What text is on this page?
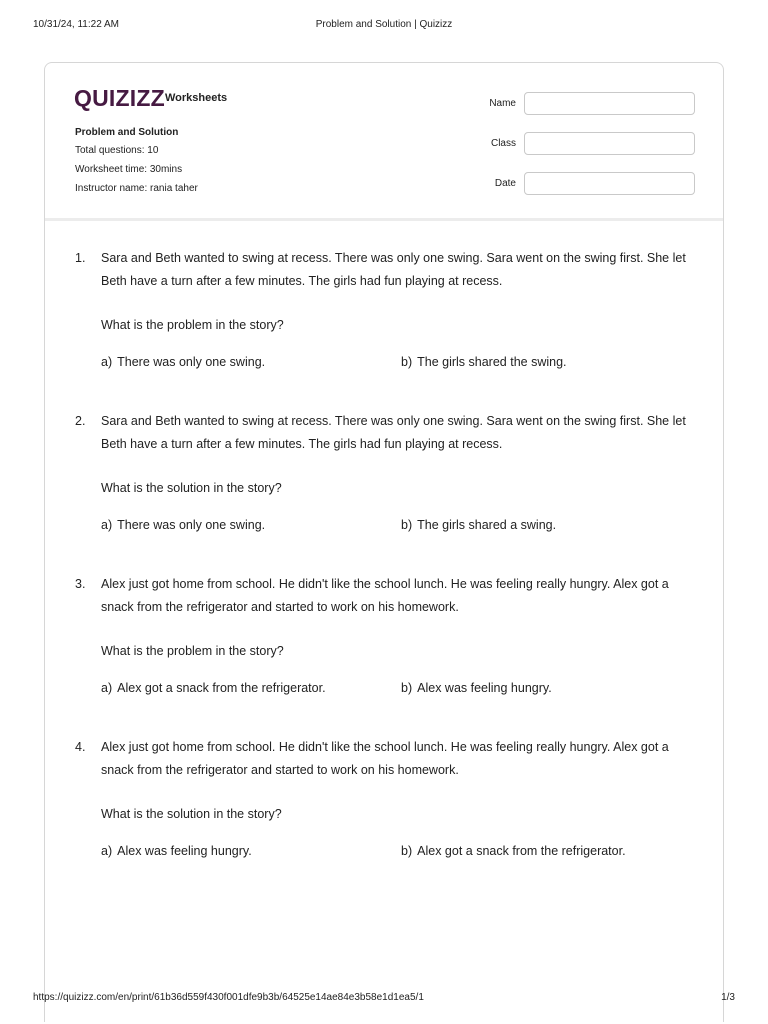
10/31/24, 11:22 AM	Problem and Solution | Quizizz
QUIZIZZ Worksheets
Problem and Solution
Total questions: 10
Worksheet time: 30mins
Instructor name: rania taher
Name
Class
Date
1. Sara and Beth wanted to swing at recess. There was only one swing. Sara went on the swing first. She let Beth have a turn after a few minutes. The girls had fun playing at recess.
What is the problem in the story?
a) There was only one swing.	b) The girls shared the swing.
2. Sara and Beth wanted to swing at recess. There was only one swing. Sara went on the swing first. She let Beth have a turn after a few minutes. The girls had fun playing at recess.
What is the solution in the story?
a) There was only one swing.	b) The girls shared a swing.
3. Alex just got home from school. He didn't like the school lunch. He was feeling really hungry. Alex got a snack from the refrigerator and started to work on his homework.
What is the problem in the story?
a) Alex got a snack from the refrigerator.	b) Alex was feeling hungry.
4. Alex just got home from school. He didn't like the school lunch. He was feeling really hungry. Alex got a snack from the refrigerator and started to work on his homework.
What is the solution in the story?
a) Alex was feeling hungry.	b) Alex got a snack from the refrigerator.
https://quizizz.com/en/print/61b36d559f430f001dfe9b3b/64525e14ae84e3b58e1d1ea5/1	1/3
